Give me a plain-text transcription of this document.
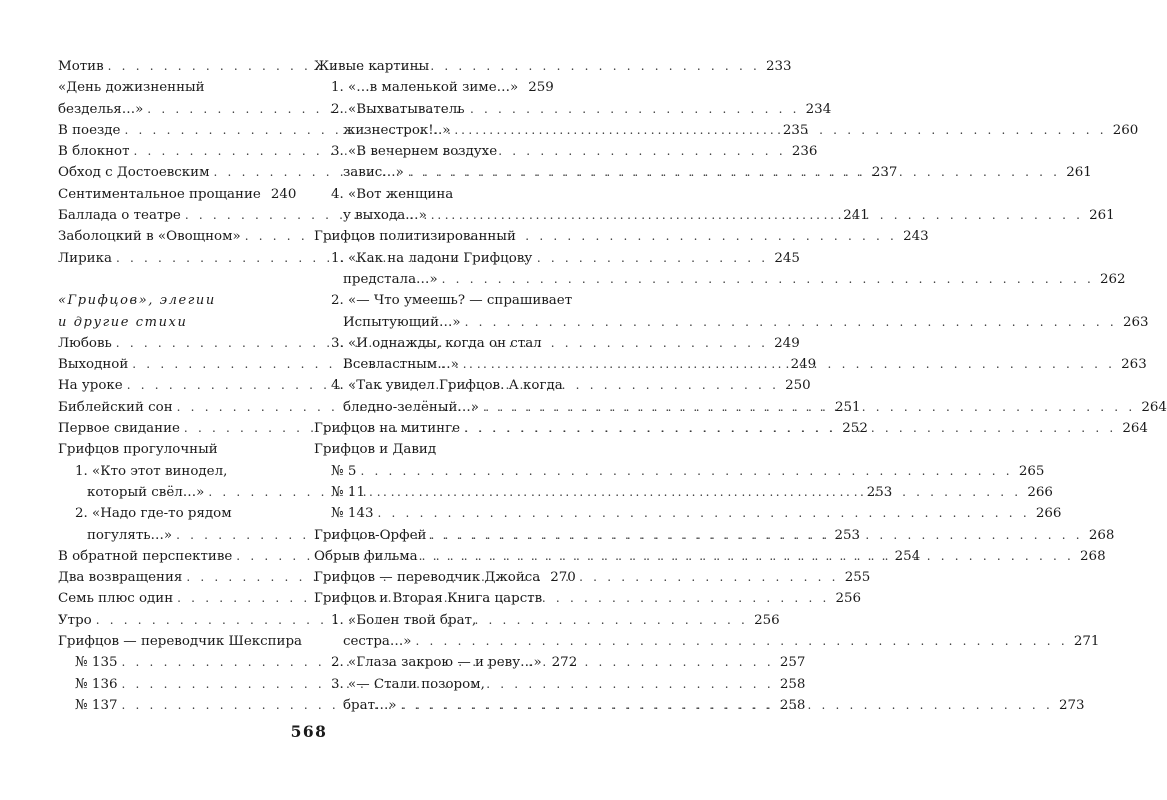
Мотив . . .	233
«День дожизненный
безделья…» . . .	234
В поезде . . .	235
В блокнот . . .	236
Обход с Достоевским . . .	237
Сентиментальное прощание 240
Баллада о театре . . .	241
Заболоцкий в «Овощном» . . .	243
Лирика . . .	245
«Грифцов», элегии
и другие стихи
Любовь . . .	249
Выходной . . .	249
На уроке . . .	250
Библейский сон . . .	251
Первое свидание . . .	252
Грифцов прогулочный
1. «Кто этот винодел,
который свёл…» . . .	253
2. «Надо где-то рядом
погулять…» . . .	253
В обратной перспективе . . .	254
Два возвращения . . .	255
Семь плюс один . . .	256
Утро . . .	256
Грифцов — переводчик Шекспира
№ 135 . . .	257
№ 136 . . .	258
№ 137 . . .	258
Живые картины
1. «…в маленькой зиме…» 259
2. «Выхватыватель
жизнестрок!..» . . .	260
3. «В вечернем воздухе
завис…» . . .	261
4. «Вот женщина
у выхода…» . . .	261
Грифцов политизированный
1. «Как на ладони Грифцову
предстала…» . . .	262
2. «— Что умеешь? — спрашивает
Испытующий…» . . .	263
3. «И однажды, когда он стал
Всевластным…» . . .	263
4. «Так увидел Грифцов. А когда
бледно-зелёный…» . . .	264
Грифцов на митинге . . .	264
Грифцов и Давид
№ 5 . . .	265
№ 11 . . .	266
№ 143 . . .	266
Грифцов-Орфей . . .	268
Обрыв фильма . . .	268
Грифцов — переводчик Джойса 270
Грифцов и Вторая Книга царств
1. «Болен твой брат,
сестра…» . . .	271
2. «Глаза закрою — и реву…» 272
3. «— Стали позором,
брат…» . . .	273
568
